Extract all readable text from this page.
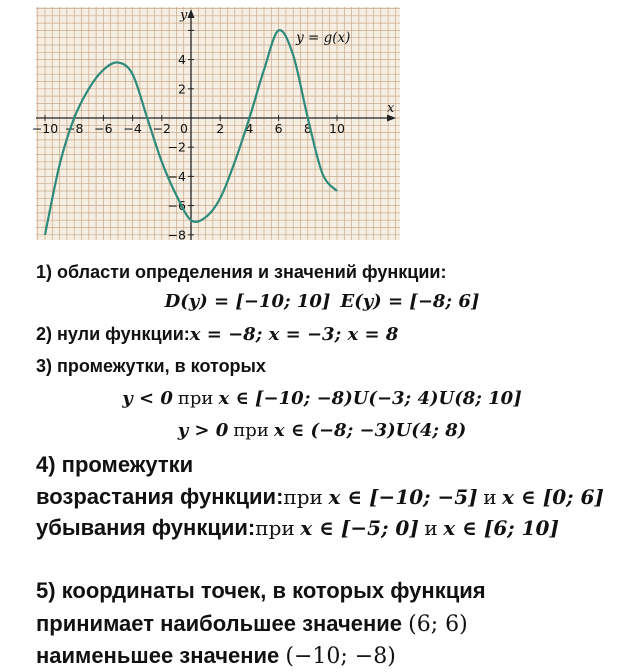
−10 −8 −6 −4 −2 0 2 4 6 8 10
4
2
−2
−4
−6
−8
y
x
y = g(x)
1) области определения и значений функции:
D(y) = [−10; 10] E(y) = [−8; 6]
2) нули функции:x = −8; x = −3; x = 8
3) промежутки, в которых
y < 0 при x ∈ [−10; −8)U(−3; 4)U(8; 10]
y > 0 при x ∈ (−8; −3)U(4; 8)
4) промежутки
возрастания функции:при x ∈ [−10; −5] и x ∈ [0; 6]
убывания функции:при x ∈ [−5; 0] и x ∈ [6; 10]
5) координаты точек, в которых функция
принимает наибольшее значение (6; 6)
наименьшее значение (−10; −8)
